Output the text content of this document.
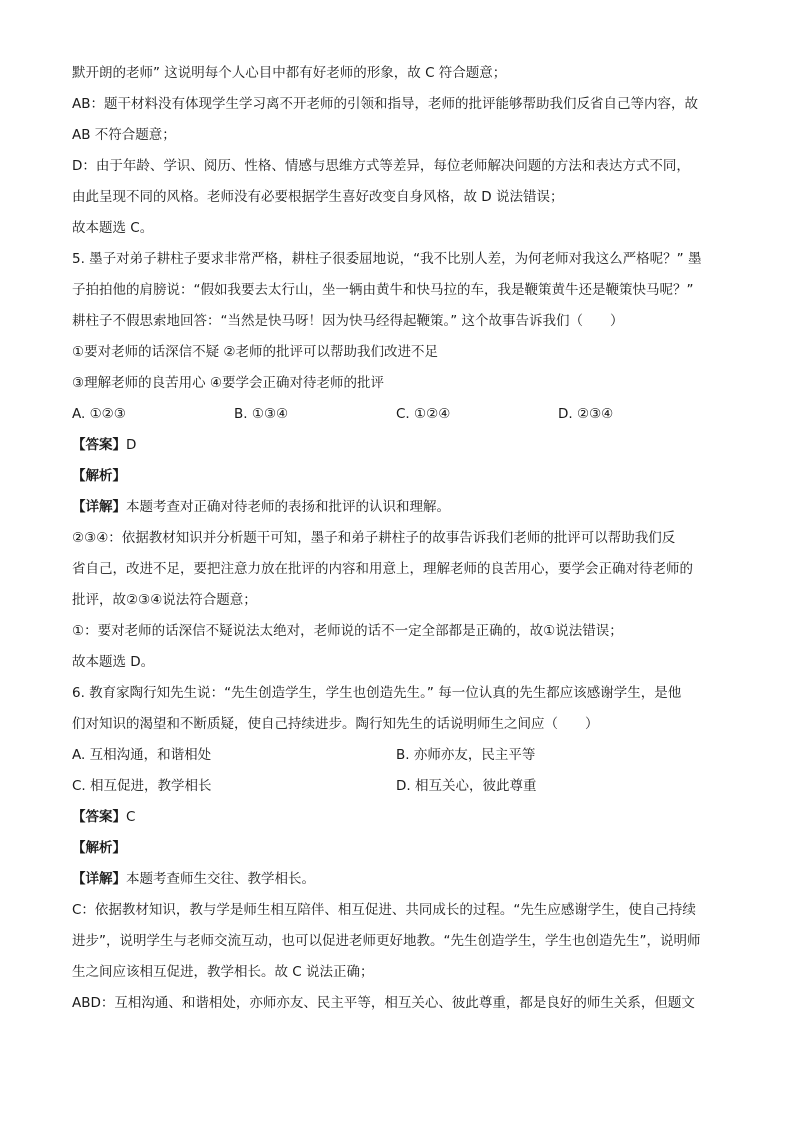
默开朗的老师” 这说明每个人心目中都有好老师的形象，故 C 符合题意；
AB：题干材料没有体现学生学习离不开老师的引领和指导，老师的批评能够帮助我们反省自己等内容，故
AB 不符合题意；
D：由于年龄、学识、阅历、性格、情感与思维方式等差异，每位老师解决问题的方法和表达方式不同，
由此呈现不同的风格。老师没有必要根据学生喜好改变自身风格，故 D 说法错误；
故本题选 C。
5. 墨子对弟子耕柱子要求非常严格，耕柱子很委屈地说，“我不比别人差，为何老师对我这么严格呢？” 墨
子拍拍他的肩膀说：“假如我要去太行山，坐一辆由黄牛和快马拉的车，我是鞭策黄牛还是鞭策快马呢？”
耕柱子不假思索地回答：“当然是快马呀！因为快马经得起鞭策。” 这个故事告诉我们（　　）
①要对老师的话深信不疑 ②老师的批评可以帮助我们改进不足
③理解老师的良苦用心 ④要学会正确对待老师的批评
A. ①②③	B. ①③④	C. ①②④	D. ②③④
【答案】D
【解析】
【详解】本题考查对正确对待老师的表扬和批评的认识和理解。
②③④：依据教材知识并分析题干可知，墨子和弟子耕柱子的故事告诉我们老师的批评可以帮助我们反
省自己，改进不足，要把注意力放在批评的内容和用意上，理解老师的良苦用心，要学会正确对待老师的
批评，故②③④说法符合题意；
①：要对老师的话深信不疑说法太绝对，老师说的话不一定全部都是正确的，故①说法错误；
故本题选 D。
6. 教育家陶行知先生说：“先生创造学生，学生也创造先生。” 每一位认真的先生都应该感谢学生，是他
们对知识的渴望和不断质疑，使自己持续进步。陶行知先生的话说明师生之间应（　　）
A. 互相沟通，和谐相处	B. 亦师亦友，民主平等
C. 相互促进，教学相长	D. 相互关心，彼此尊重
【答案】C
【解析】
【详解】本题考查师生交往、教学相长。
C：依据教材知识，教与学是师生相互陪伴、相互促进、共同成长的过程。“先生应感谢学生，使自己持续
进步”，说明学生与老师交流互动，也可以促进老师更好地教。“先生创造学生，学生也创造先生”，说明师
生之间应该相互促进，教学相长。故 C 说法正确；
ABD：互相沟通、和谐相处，亦师亦友、民主平等，相互关心、彼此尊重，都是良好的师生关系，但题文
